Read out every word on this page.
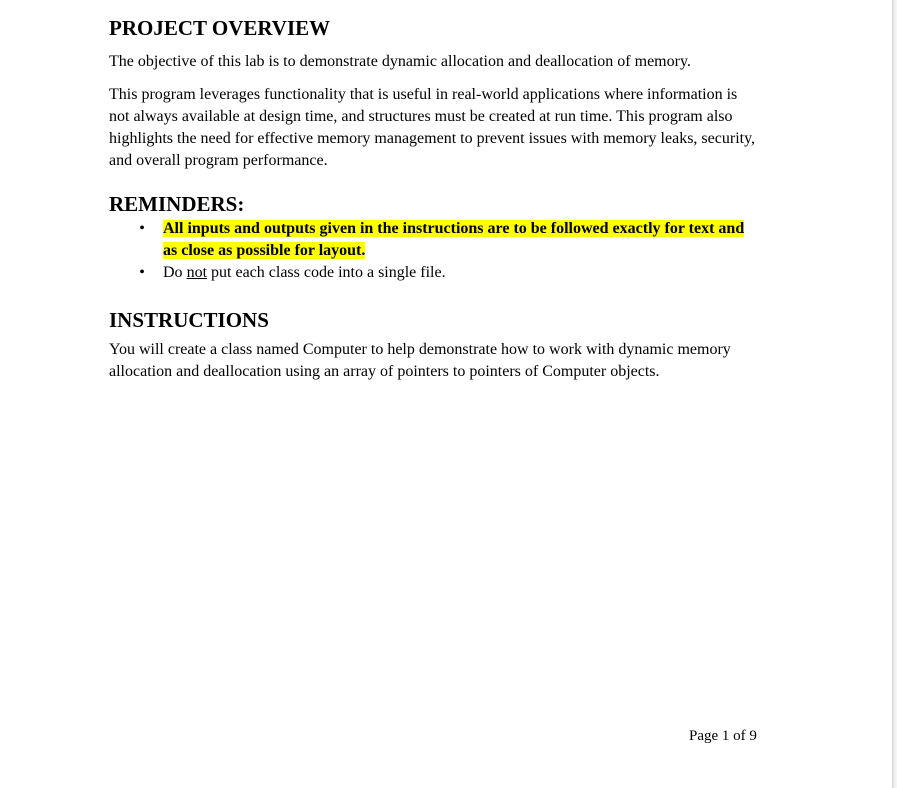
PROJECT OVERVIEW

The objective of this lab is to demonstrate dynamic allocation and deallocation of memory.

This program leverages functionality that is useful in real-world applications where information is not always available at design time, and structures must be created at run time. This program also highlights the need for effective memory management to prevent issues with memory leaks, security, and overall program performance.

REMINDERS:
• All inputs and outputs given in the instructions are to be followed exactly for text and as close as possible for layout.
• Do not put each class code into a single file.
INSTRUCTIONS

You will create a class named Computer to help demonstrate how to work with dynamic memory allocation and deallocation using an array of pointers to pointers of Computer objects.

Page 1 of 9
